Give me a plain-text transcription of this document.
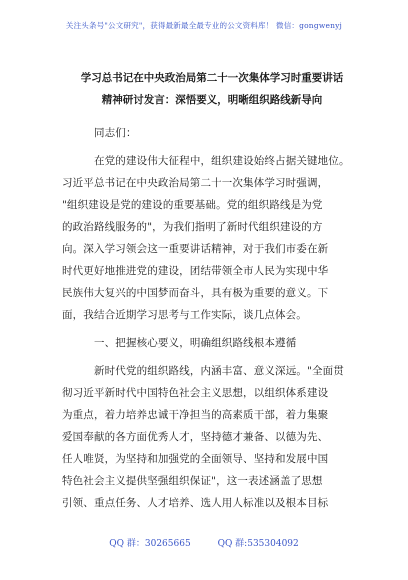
关注头条号"公文研究"，获得最新最全最专业的公文资料库！ 微信：gongwenyj
学习总书记在中央政治局第二十一次集体学习时重要讲话
精神研讨发言：深悟要义，明晰组织路线新导向
同志们：
在党的建设伟大征程中，组织建设始终占据关键地位。
习近平总书记在中央政治局第二十一次集体学习时强调，
"组织建设是党的建设的重要基础。党的组织路线是为党
的政治路线服务的"，为我们指明了新时代组织建设的方
向。深入学习领会这一重要讲话精神，对于我们市委在新
时代更好地推进党的建设，团结带领全市人民为实现中华
民族伟大复兴的中国梦而奋斗，具有极为重要的意义。下
面，我结合近期学习思考与工作实际，谈几点体会。
一、把握核心要义，明确组织路线根本遵循
新时代党的组织路线，内涵丰富、意义深远。"全面贯
彻习近平新时代中国特色社会主义思想，以组织体系建设
为重点，着力培养忠诚干净担当的高素质干部，着力集聚
爱国奉献的各方面优秀人才，坚持德才兼备、以德为先、
任人唯贤，为坚持和加强党的全面领导、坚持和发展中国
特色社会主义提供坚强组织保证"，这一表述涵盖了思想
引领、重点任务、人才培养、选人用人标准以及根本目标
QQ 群：30265665	QQ 群:535304092
